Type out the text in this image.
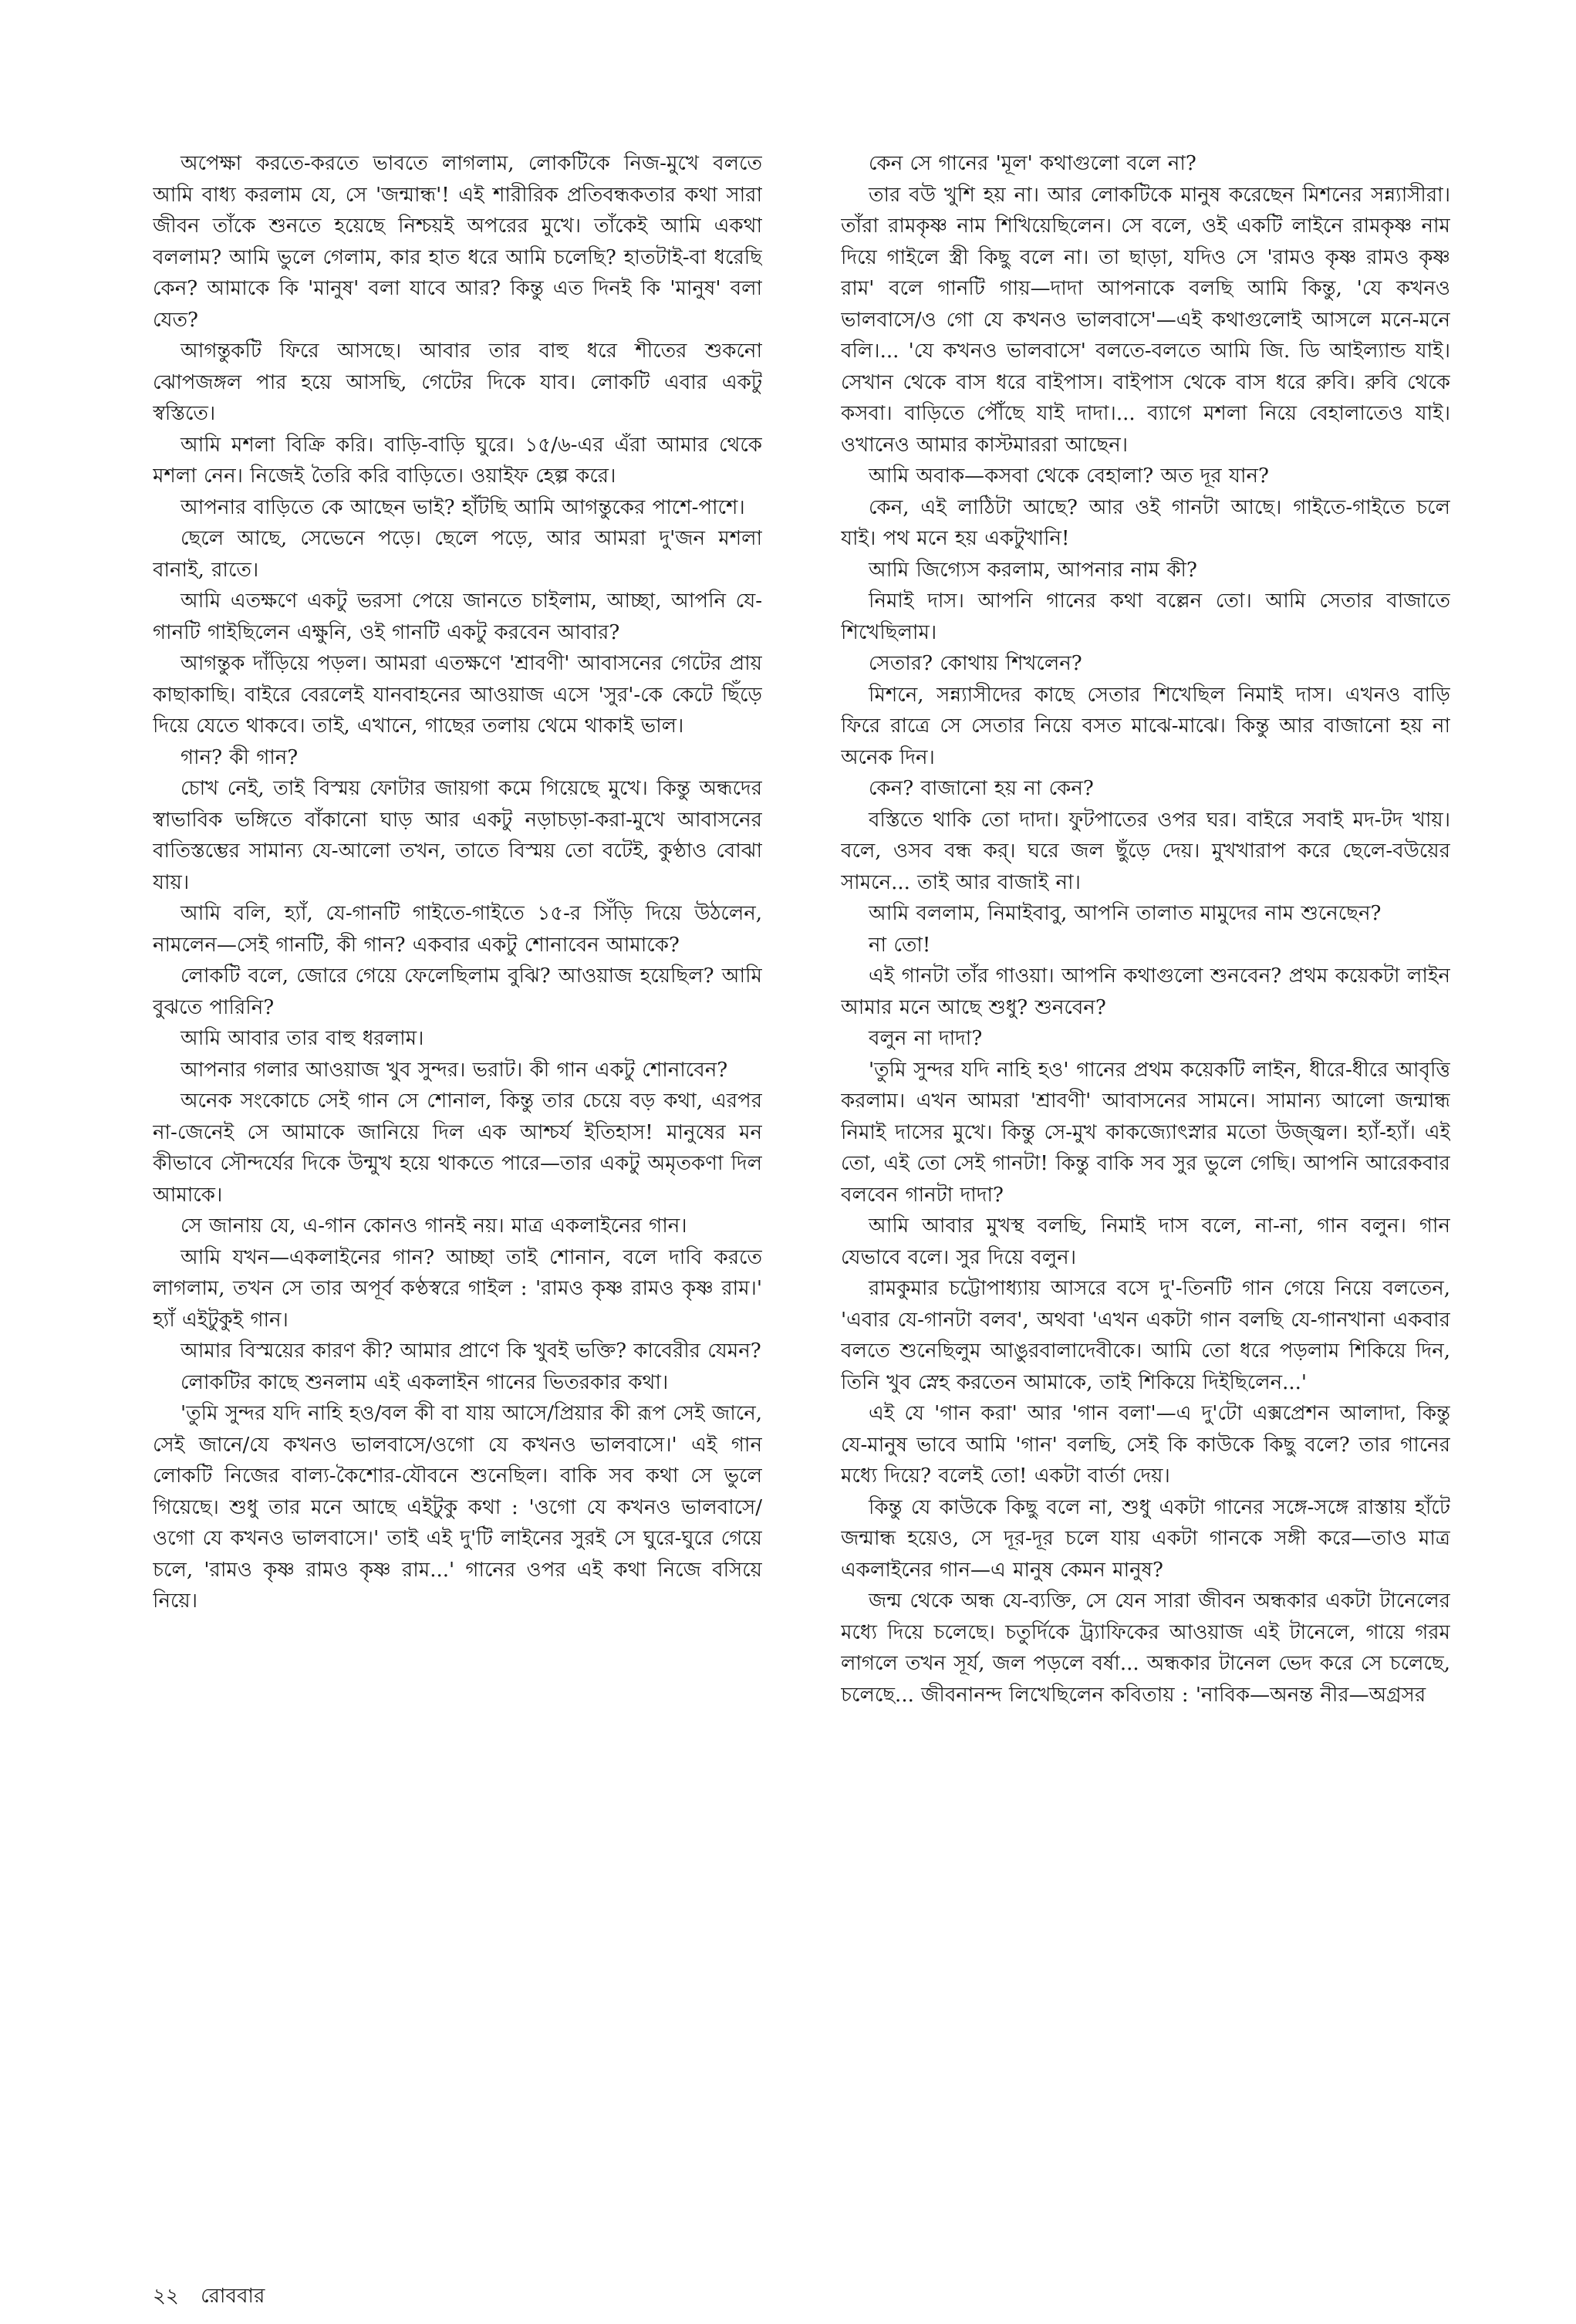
অপেক্ষা করতে-করতে ভাবতে লাগলাম, লোকটিকে নিজ-মুখে বলতে আমি বাধ্য করলাম যে, সে 'জন্মান্ধ'! এই শারীরিক প্রতিবন্ধকতার কথা সারা জীবন তাঁকে শুনতে হয়েছে নিশ্চয়ই অপরের মুখে। তাঁকেই আমি একথা বললাম? আমি ভুলে গেলাম, কার হাত ধরে আমি চলেছি? হাতটাই-বা ধরেছি কেন? আমাকে কি 'মানুষ' বলা যাবে আর? কিন্তু এত দিনই কি 'মানুষ' বলা যেত?

আগন্তুকটি ফিরে আসছে। আবার তার বাহু ধরে শীতের শুকনো ঝোপজঙ্গল পার হয়ে আসছি, গেটের দিকে যাব। লোকটি এবার একটু স্বস্তিতে।

আমি মশলা বিক্রি করি। বাড়ি-বাড়ি ঘুরে। ১৫/৬-এর এঁরা আমার থেকে মশলা নেন। নিজেই তৈরি করি বাড়িতে। ওয়াইফ হেল্প করে।

আপনার বাড়িতে কে আছেন ভাই? হাঁটছি আমি আগন্তুকের পাশে-পাশে।

ছেলে আছে, সেভেনে পড়ে। ছেলে পড়ে, আর আমরা দু'জন মশলা বানাই, রাতে।

আমি এতক্ষণে একটু ভরসা পেয়ে জানতে চাইলাম, আচ্ছা, আপনি যে-গানটি গাইছিলেন এক্ষুনি, ওই গানটি একটু করবেন আবার?

আগন্তুক দাঁড়িয়ে পড়ল। আমরা এতক্ষণে 'শ্রাবণী' আবাসনের গেটের প্রায় কাছাকাছি। বাইরে বেরলেই যানবাহনের আওয়াজ এসে 'সুর'-কে কেটে ছিঁড়ে দিয়ে যেতে থাকবে। তাই, এখানে, গাছের তলায় থেমে থাকাই ভাল।

গান? কী গান?

চোখ নেই, তাই বিস্ময় ফোটার জায়গা কমে গিয়েছে মুখে। কিন্তু অন্ধদের স্বাভাবিক ভঙ্গিতে বাঁকানো ঘাড় আর একটু নড়াচড়া-করা-মুখে আবাসনের বাতিস্তম্ভের সামান্য যে-আলো তখন, তাতে বিস্ময় তো বটেই, কুণ্ঠাও বোঝা যায়।

আমি বলি, হ্যাঁ, যে-গানটি গাইতে-গাইতে ১৫-র সিঁড়ি দিয়ে উঠলেন, নামলেন—সেই গানটি, কী গান? একবার একটু শোনাবেন আমাকে?

লোকটি বলে, জোরে গেয়ে ফেলেছিলাম বুঝি? আওয়াজ হয়েছিল? আমি বুঝতে পারিনি?

আমি আবার তার বাহু ধরলাম।

আপনার গলার আওয়াজ খুব সুন্দর। ভরাট। কী গান একটু শোনাবেন?

অনেক সংকোচে সেই গান সে শোনাল, কিন্তু তার চেয়ে বড় কথা, এরপর না-জেনেই সে আমাকে জানিয়ে দিল এক আশ্চর্য ইতিহাস! মানুষের মন কীভাবে সৌন্দর্যের দিকে উন্মুখ হয়ে থাকতে পারে—তার একটু অমৃতকণা দিল আমাকে।

সে জানায় যে, এ-গান কোনও গানই নয়। মাত্র একলাইনের গান।

আমি যখন—একলাইনের গান? আচ্ছা তাই শোনান, বলে দাবি করতে লাগলাম, তখন সে তার অপূর্ব কণ্ঠস্বরে গাইল : 'রামও কৃষ্ণ রামও কৃষ্ণ রাম।' হ্যাঁ এইটুকুই গান।

আমার বিস্ময়ের কারণ কী? আমার প্রাণে কি খুবই ভক্তি? কাবেরীর যেমন?

লোকটির কাছে শুনলাম এই একলাইন গানের ভিতরকার কথা।

'তুমি সুন্দর যদি নাহি হও/বল কী বা যায় আসে/প্রিয়ার কী রূপ সেই জানে, সেই জানে/যে কখনও ভালবাসে/ওগো যে কখনও ভালবাসে।' এই গান লোকটি নিজের বাল্য-কৈশোর-যৌবনে শুনেছিল। বাকি সব কথা সে ভুলে গিয়েছে। শুধু তার মনে আছে এইটুকু কথা : 'ওগো যে কখনও ভালবাসে/ওগো যে কখনও ভালবাসে।' তাই এই দু'টি লাইনের সুরই সে ঘুরে-ঘুরে গেয়ে চলে, 'রামও কৃষ্ণ রামও কৃষ্ণ রাম...' গানের ওপর এই কথা নিজে বসিয়ে নিয়ে।

কেন সে গানের 'মূল' কথাগুলো বলে না?

তার বউ খুশি হয় না। আর লোকটিকে মানুষ করেছেন মিশনের সন্ন্যাসীরা। তাঁরা রামকৃষ্ণ নাম শিখিয়েছিলেন। সে বলে, ওই একটি লাইনে রামকৃষ্ণ নাম দিয়ে গাইলে স্ত্রী কিছু বলে না। তা ছাড়া, যদিও সে 'রামও কৃষ্ণ রামও কৃষ্ণ রাম' বলে গানটি গায়—দাদা আপনাকে বলছি আমি কিন্তু, 'যে কখনও ভালবাসে/ও গো যে কখনও ভালবাসে'—এই কথাগুলোই আসলে মনে-মনে বলি।... 'যে কখনও ভালবাসে' বলতে-বলতে আমি জি. ডি আইল্যান্ড যাই। সেখান থেকে বাস ধরে বাইপাস। বাইপাস থেকে বাস ধরে রুবি। রুবি থেকে কসবা। বাড়িতে পৌঁছে যাই দাদা।... ব্যাগে মশলা নিয়ে বেহালাতেও যাই। ওখানেও আমার কাস্টমাররা আছেন।

আমি অবাক—কসবা থেকে বেহালা? অত দূর যান?

কেন, এই লাঠিটা আছে? আর ওই গানটা আছে। গাইতে-গাইতে চলে যাই। পথ মনে হয় একটুখানি!

আমি জিগ্যেস করলাম, আপনার নাম কী?

নিমাই দাস। আপনি গানের কথা বল্লেন তো। আমি সেতার বাজাতে শিখেছিলাম।

সেতার? কোথায় শিখলেন?

মিশনে, সন্ন্যাসীদের কাছে সেতার শিখেছিল নিমাই দাস। এখনও বাড়ি ফিরে রাত্রে সে সেতার নিয়ে বসত মাঝে-মাঝে। কিন্তু আর বাজানো হয় না অনেক দিন।

কেন? বাজানো হয় না কেন?

বস্তিতে থাকি তো দাদা। ফুটপাতের ওপর ঘর। বাইরে সবাই মদ-টদ খায়। বলে, ওসব বন্ধ কর্‌। ঘরে জল ছুঁড়ে দেয়। মুখখারাপ করে ছেলে-বউয়ের সামনে... তাই আর বাজাই না।

আমি বললাম, নিমাইবাবু, আপনি তালাত মামুদের নাম শুনেছেন?

না তো!

এই গানটা তাঁর গাওয়া। আপনি কথাগুলো শুনবেন? প্রথম কয়েকটা লাইন আমার মনে আছে শুধু? শুনবেন?

বলুন না দাদা?

'তুমি সুন্দর যদি নাহি হও' গানের প্রথম কয়েকটি লাইন, ধীরে-ধীরে আবৃত্তি করলাম। এখন আমরা 'শ্রাবণী' আবাসনের সামনে। সামান্য আলো জন্মান্ধ নিমাই দাসের মুখে। কিন্তু সে-মুখ কাকজ্যোৎস্নার মতো উজ্জ্বল। হ্যাঁ-হ্যাঁ। এই তো, এই তো সেই গানটা! কিন্তু বাকি সব সুর ভুলে গেছি। আপনি আরেকবার বলবেন গানটা দাদা?

আমি আবার মুখস্থ বলছি, নিমাই দাস বলে, না-না, গান বলুন। গান যেভাবে বলে। সুর দিয়ে বলুন।

রামকুমার চট্টোপাধ্যায় আসরে বসে দু'-তিনটি গান গেয়ে নিয়ে বলতেন, 'এবার যে-গানটা বলব', অথবা 'এখন একটা গান বলছি যে-গানখানা একবার বলতে শুনেছিলুম আঙুরবালাদেবীকে। আমি তো ধরে পড়লাম শিকিয়ে দিন, তিনি খুব স্নেহ করতেন আমাকে, তাই শিকিয়ে দিইছিলেন...'

এই যে 'গান করা' আর 'গান বলা'—এ দু'টো এক্সপ্রেশন আলাদা, কিন্তু যে-মানুষ ভাবে আমি 'গান' বলছি, সেই কি কাউকে কিছু বলে? তার গানের মধ্যে দিয়ে? বলেই তো! একটা বার্তা দেয়।

কিন্তু যে কাউকে কিছু বলে না, শুধু একটা গানের সঙ্গে-সঙ্গে রাস্তায় হাঁটে জন্মান্ধ হয়েও, সে দূর-দূর চলে যায় একটা গানকে সঙ্গী করে—তাও মাত্র একলাইনের গান—এ মানুষ কেমন মানুষ?

জন্ম থেকে অন্ধ যে-ব্যক্তি, সে যেন সারা জীবন অন্ধকার একটা টানেলের মধ্যে দিয়ে চলেছে। চতুর্দিকে ট্র্যাফিকের আওয়াজ এই টানেলে, গায়ে গরম লাগলে তখন সূর্য, জল পড়লে বর্ষা... অন্ধকার টানেল ভেদ করে সে চলেছে, চলেছে... জীবনানন্দ লিখেছিলেন কবিতায় : 'নাবিক—অনন্ত নীর—অগ্রসর

২২ রোববার
